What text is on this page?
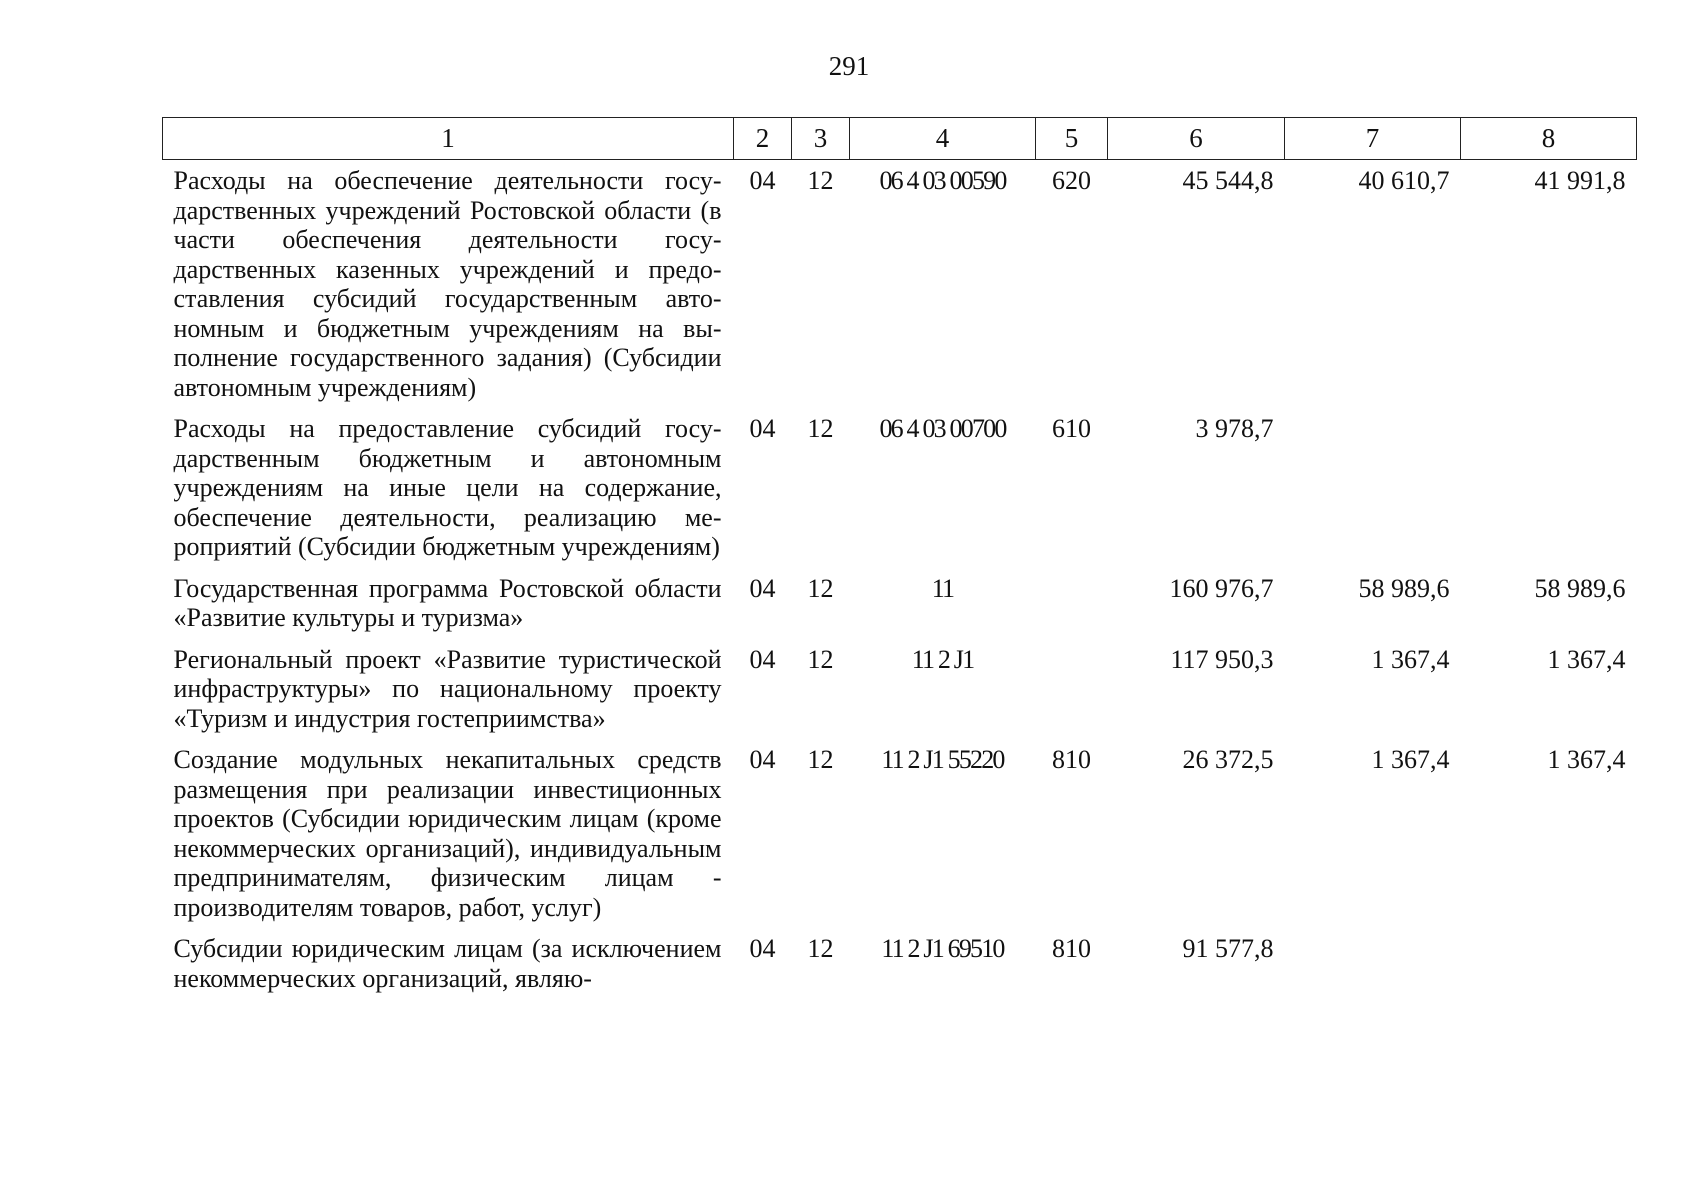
291
1	2	3	4	5	6	7	8
Расходы на обеспечение деятельности государственных учреждений Ростовской области (в части обеспечения деятельности государственных казенных учреждений и предоставления субсидий государственным автономным и бюджетным учреждениям на выполнение государственного задания) (Субсидии автономным учреждениям)	04	12	06 4 03 00590	620	45 544,8	40 610,7	41 991,8
Расходы на предоставление субсидий государственным бюджетным и автономным учреждениям на иные цели на содержание, обеспечение деятельности, реализацию мероприятий (Субсидии бюджетным учреждениям)	04	12	06 4 03 00700	610	3 978,7		
Государственная программа Ростовской области «Развитие культуры и туризма»	04	12	11		160 976,7	58 989,6	58 989,6
Региональный проект «Развитие туристической инфраструктуры» по национальному проекту «Туризм и индустрия гостеприимства»	04	12	11 2 J1		117 950,3	1 367,4	1 367,4
Создание модульных некапитальных средств размещения при реализации инвестиционных проектов (Субсидии юридическим лицам (кроме некоммерческих организаций), индивидуальным предпринимателям, физическим лицам - производителям товаров, работ, услуг)	04	12	11 2 J1 55220	810	26 372,5	1 367,4	1 367,4
Субсидии юридическим лицам (за исключением некоммерческих организаций, являю-	04	12	11 2 J1 69510	810	91 577,8		
